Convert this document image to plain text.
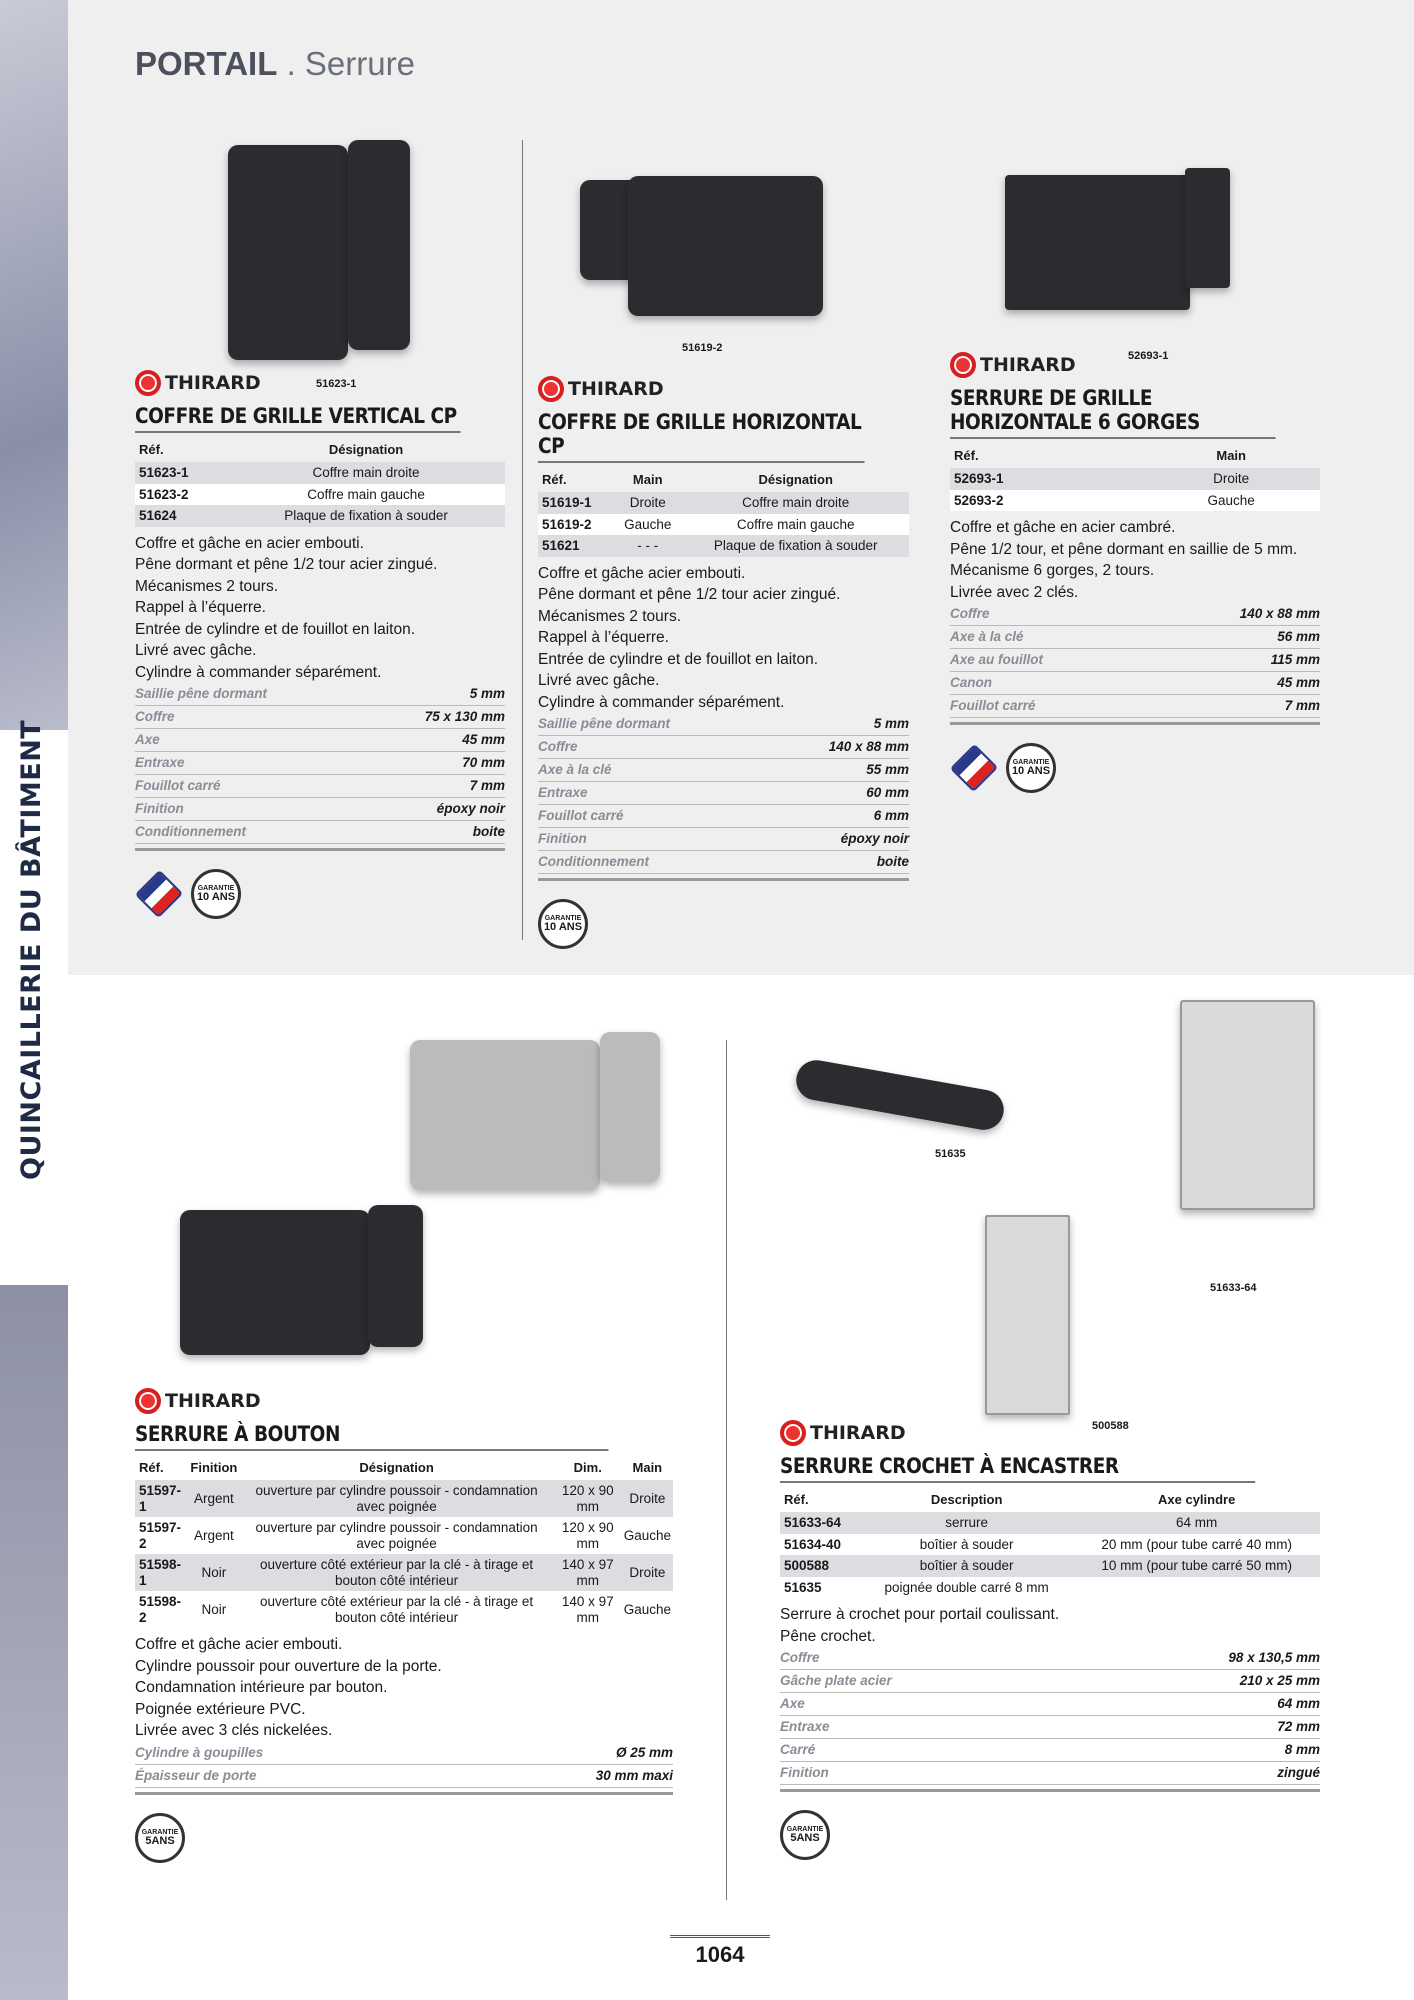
QUINCAILLERIE DU BÂTIMENT
PORTAIL . Serrure
51623-1
51619-2
52693-1
51635
51633-64
500588
THIRARD
COFFRE DE GRILLE VERTICAL CP
Réf.	Désignation
51623-1	Coffre main droite
51623-2	Coffre main gauche
51624	Plaque de fixation à souder
Coffre et gâche en acier embouti.
Pêne dormant et pêne 1/2 tour acier zingué.
Mécanismes 2 tours.
Rappel à l’équerre.
Entrée de cylindre et de fouillot en laiton.
Livré avec gâche.
Cylindre à commander séparément.
Saillie pêne dormant	5 mm
Coffre	75 x 130 mm
Axe	45 mm
Entraxe	70 mm
Fouillot carré	7 mm
Finition	époxy noir
Conditionnement	boite
GARANTIE
10 ANS
THIRARD
COFFRE DE GRILLE HORIZONTAL CP
Réf.	Main	Désignation
51619-1	Droite	Coffre main droite
51619-2	Gauche	Coffre main gauche
51621	- - -	Plaque de fixation à souder
Coffre et gâche acier embouti.
Pêne dormant et pêne 1/2 tour acier zingué.
Mécanismes 2 tours.
Rappel à l’équerre.
Entrée de cylindre et de fouillot en laiton.
Livré avec gâche.
Cylindre à commander séparément.
Saillie pêne dormant	5 mm
Coffre	140 x 88 mm
Axe à la clé	55 mm
Entraxe	60 mm
Fouillot carré	6 mm
Finition	époxy noir
Conditionnement	boite
GARANTIE
10 ANS
THIRARD
SERRURE DE GRILLE HORIZONTALE 6 GORGES
Réf.	Main
52693-1	Droite
52693-2	Gauche
Coffre et gâche en acier cambré.
Pêne 1/2 tour, et pêne dormant en saillie de 5 mm.
Mécanisme 6 gorges, 2 tours.
Livrée avec 2 clés.
Coffre	140 x 88 mm
Axe à la clé	56 mm
Axe au fouillot	115 mm
Canon	45 mm
Fouillot carré	7 mm
GARANTIE
10 ANS
THIRARD
SERRURE À BOUTON
Réf.	Finition	Désignation	Dim.	Main
51597-1	Argent	ouverture par cylindre poussoir - condamnation avec poignée	120 x 90 mm	Droite
51597-2	Argent	ouverture par cylindre poussoir - condamnation avec poignée	120 x 90 mm	Gauche
51598-1	Noir	ouverture côté extérieur par la clé - à tirage et bouton côté intérieur	140 x 97 mm	Droite
51598-2	Noir	ouverture côté extérieur par la clé - à tirage et bouton côté intérieur	140 x 97 mm	Gauche
Coffre et gâche acier embouti.
Cylindre poussoir pour ouverture de la porte.
Condamnation intérieure par bouton.
Poignée extérieure PVC.
Livrée avec 3 clés nickelées.
Cylindre à goupilles	Ø 25 mm
Épaisseur de porte	30 mm maxi
GARANTIE
5ANS
THIRARD
SERRURE CROCHET À ENCASTRER
Réf.	Description	Axe cylindre
51633-64	serrure	64 mm
51634-40	boîtier à souder	20 mm (pour tube carré 40 mm)
500588	boîtier à souder	10 mm (pour tube carré 50 mm)
51635	poignée double carré 8 mm	
Serrure à crochet pour portail coulissant.
Pêne crochet.
Coffre	98 x 130,5 mm
Gâche plate acier	210 x 25 mm
Axe	64 mm
Entraxe	72 mm
Carré	8 mm
Finition	zingué
GARANTIE
5ANS
1064
